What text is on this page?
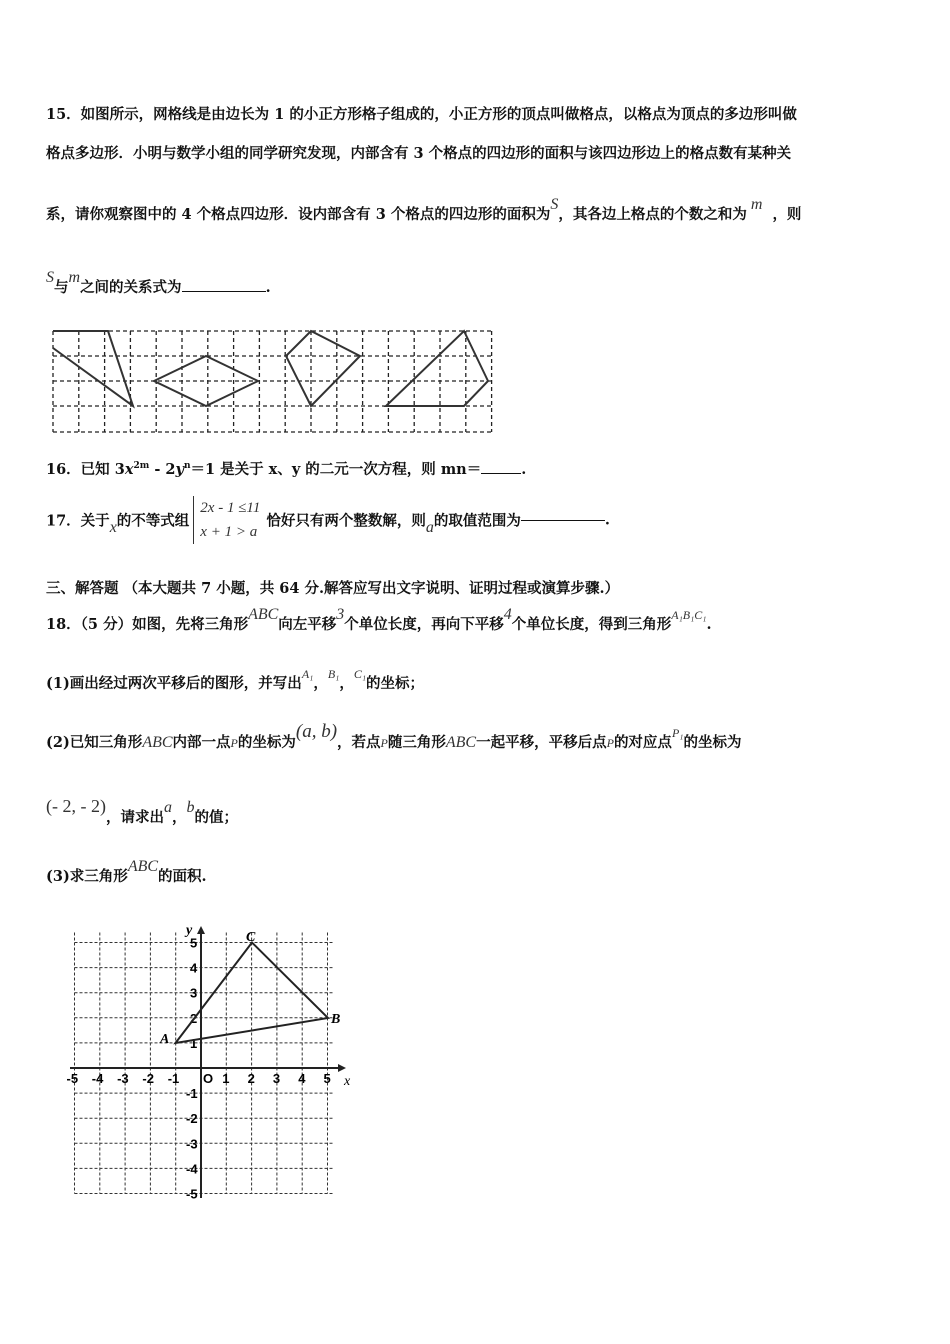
15．如图所示，网格线是由边长为 1 的小正方形格子组成的，小正方形的顶点叫做格点，以格点为顶点的多边形叫做
格点多边形．小明与数学小组的同学研究发现，内部含有 3 个格点的四边形的面积与该四边形边上的格点数有某种关
系，请你观察图中的 4 个格点四边形．设内部含有 3 个格点的四边形的面积为S，其各边上格点的个数之和为m，则
S与m之间的关系式为	.
16．已知 $3x^{2m} - 2y^n=1$ 是关于 x、y 的二元一次方程，则 mn＝	.
17．关于x的不等式组
2x - 1 ≤11
x + 1 > a
恰好只有两个整数解，则a的取值范围为	.
三、解答题 （本大题共 7 小题，共 64 分.解答应写出文字说明、证明过程或演算步骤.）
18．（5 分）如图，先将三角形ABC向左平移3个单位长度，再向下平移4个单位长度，得到三角形$^{A_1B_1C_1}$.
(1)画出经过两次平移后的图形，并写出$^{A_1}$，$^{B_1}$，$^{C_1}$的坐标；
(2)已知三角形ABC内部一点P的坐标为(a, b)，若点P随三角形ABC一起平移，平移后点P的对应点$^{P_1}$的坐标为
(- 2, - 2)，请求出a，b的值；
(3)求三角形ABC的面积.
x
y
O
-5 -4 -3 -2 -1	1 2 3 4 5
1
2
3
4
5
-1
-2
-3
-4
-5
A
B
C
